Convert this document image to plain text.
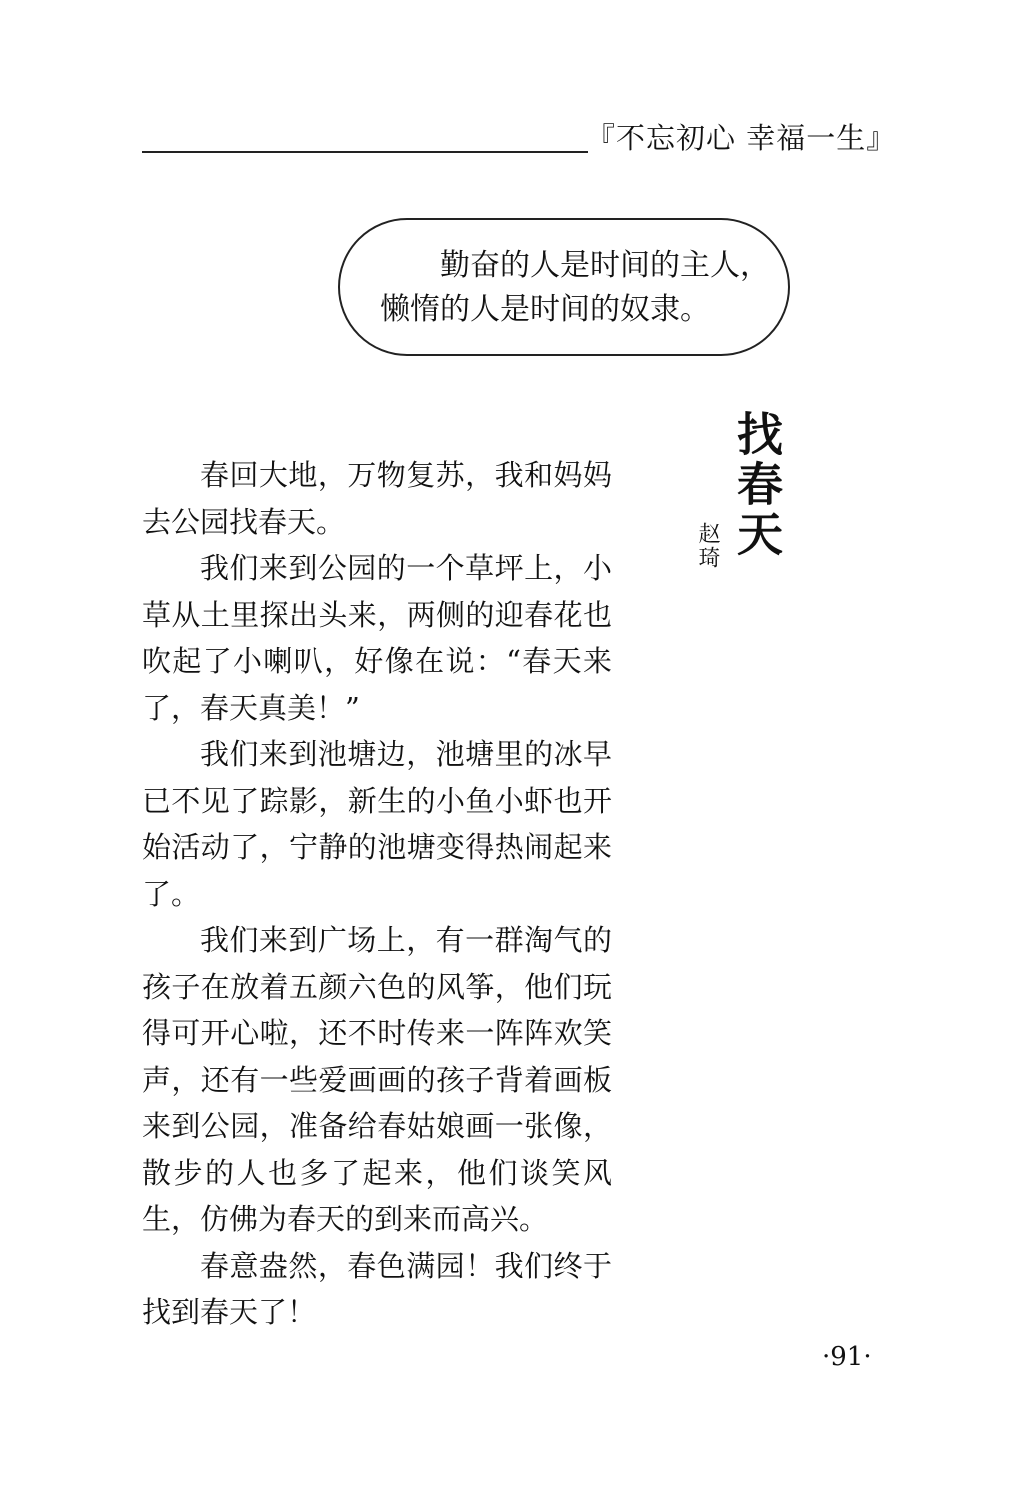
『不忘初心 幸福一生』
勤奋的人是时间的主人，
懒惰的人是时间的奴隶。
找春天
赵琦

春回大地，万物复苏，我和妈妈去公园找春天。

我们来到公园的一个草坪上，小草从土里探出头来，两侧的迎春花也吹起了小喇叭，好像在说：“春天来了，春天真美！”

我们来到池塘边，池塘里的冰早已不见了踪影，新生的小鱼小虾也开始活动了，宁静的池塘变得热闹起来了。

我们来到广场上，有一群淘气的孩子在放着五颜六色的风筝，他们玩得可开心啦，还不时传来一阵阵欢笑声，还有一些爱画画的孩子背着画板来到公园，准备给春姑娘画一张像，散步的人也多了起来，他们谈笑风生，仿佛为春天的到来而高兴。

春意盎然，春色满园！我们终于找到春天了！

·91·
